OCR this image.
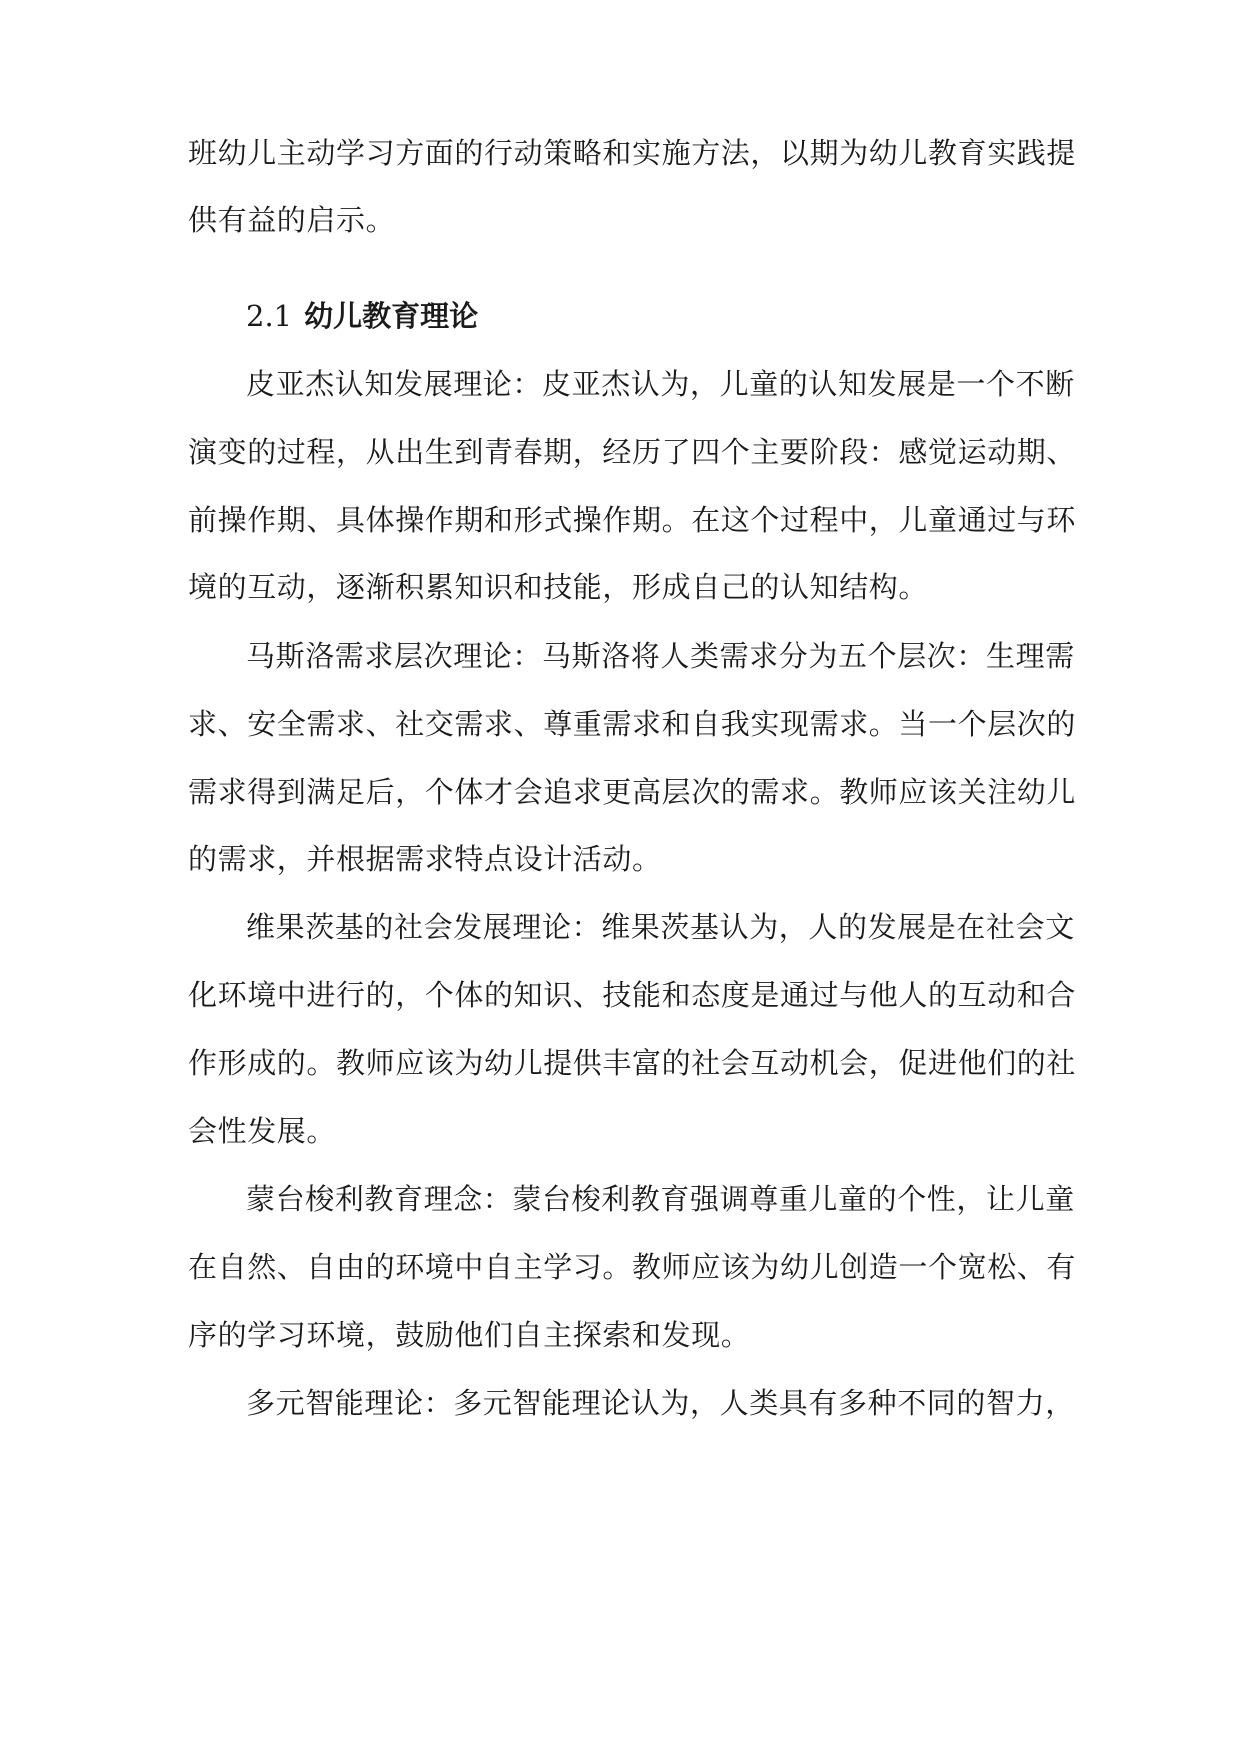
班幼儿主动学习方面的行动策略和实施方法，以期为幼儿教育实践提
供有益的启示。
2.1 幼儿教育理论
皮亚杰认知发展理论：皮亚杰认为，儿童的认知发展是一个不断
演变的过程，从出生到青春期，经历了四个主要阶段：感觉运动期、
前操作期、具体操作期和形式操作期。在这个过程中，儿童通过与环
境的互动，逐渐积累知识和技能，形成自己的认知结构。
马斯洛需求层次理论：马斯洛将人类需求分为五个层次：生理需
求、安全需求、社交需求、尊重需求和自我实现需求。当一个层次的
需求得到满足后，个体才会追求更高层次的需求。教师应该关注幼儿
的需求，并根据需求特点设计活动。
维果茨基的社会发展理论：维果茨基认为，人的发展是在社会文
化环境中进行的，个体的知识、技能和态度是通过与他人的互动和合
作形成的。教师应该为幼儿提供丰富的社会互动机会，促进他们的社
会性发展。
蒙台梭利教育理念：蒙台梭利教育强调尊重儿童的个性，让儿童
在自然、自由的环境中自主学习。教师应该为幼儿创造一个宽松、有
序的学习环境，鼓励他们自主探索和发现。
多元智能理论：多元智能理论认为，人类具有多种不同的智力，
